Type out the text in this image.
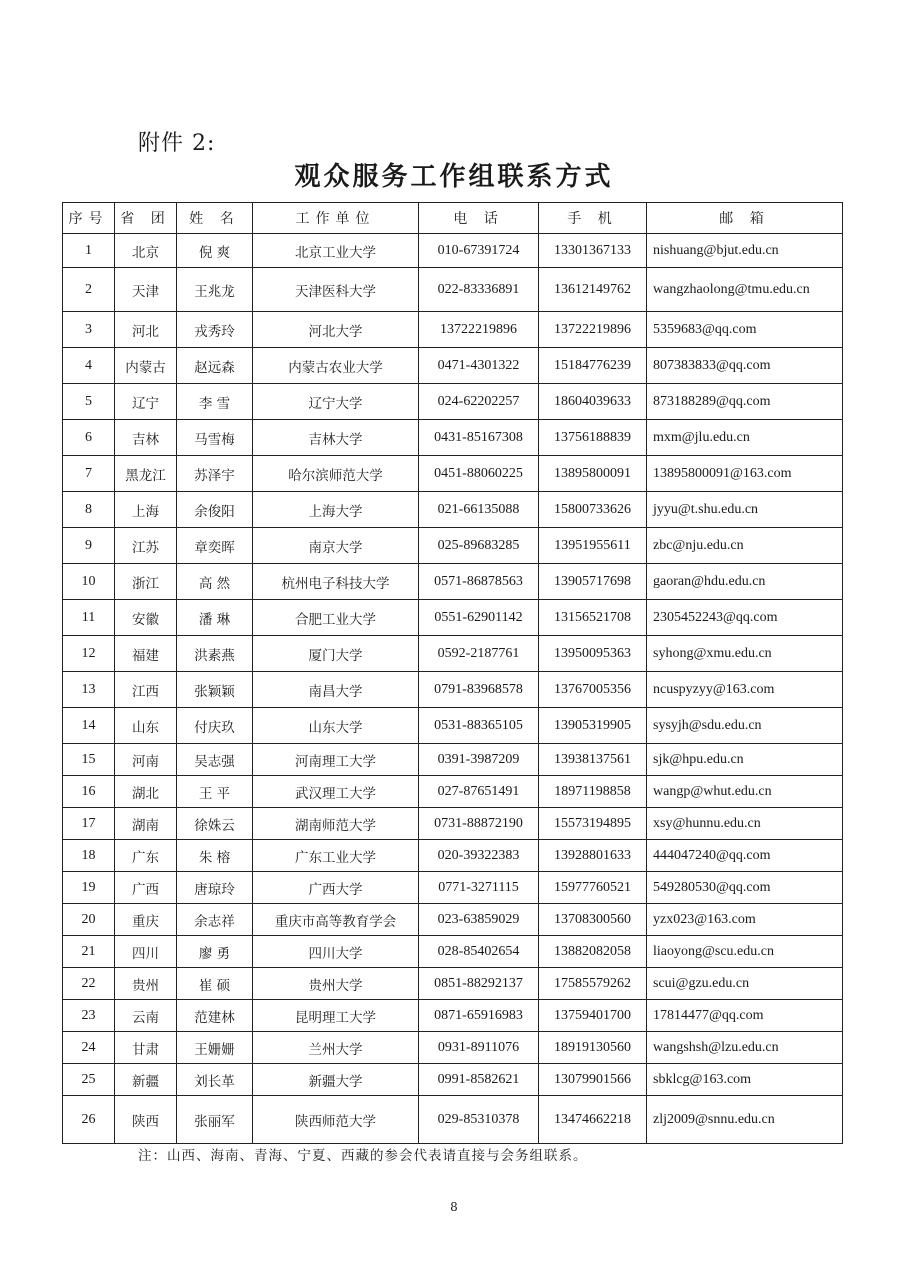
附件 2:
观众服务工作组联系方式
序号	省 团	姓 名	工作单位	电 话	手 机	邮 箱
1	北京	倪 爽	北京工业大学	010-67391724	13301367133	nishuang@bjut.edu.cn
2	天津	王兆龙	天津医科大学	022-83336891	13612149762	wangzhaolong@tmu.edu.cn
3	河北	戎秀玲	河北大学	13722219896	13722219896	5359683@qq.com
4	内蒙古	赵远森	内蒙古农业大学	0471-4301322	15184776239	807383833@qq.com
5	辽宁	李 雪	辽宁大学	024-62202257	18604039633	873188289@qq.com
6	吉林	马雪梅	吉林大学	0431-85167308	13756188839	mxm@jlu.edu.cn
7	黑龙江	苏泽宇	哈尔滨师范大学	0451-88060225	13895800091	13895800091@163.com
8	上海	余俊阳	上海大学	021-66135088	15800733626	jyyu@t.shu.edu.cn
9	江苏	章奕晖	南京大学	025-89683285	13951955611	zbc@nju.edu.cn
10	浙江	高 然	杭州电子科技大学	0571-86878563	13905717698	gaoran@hdu.edu.cn
11	安徽	潘 琳	合肥工业大学	0551-62901142	13156521708	2305452243@qq.com
12	福建	洪素燕	厦门大学	0592-2187761	13950095363	syhong@xmu.edu.cn
13	江西	张颖颖	南昌大学	0791-83968578	13767005356	ncuspyzyy@163.com
14	山东	付庆玖	山东大学	0531-88365105	13905319905	sysyjh@sdu.edu.cn
15	河南	吴志强	河南理工大学	0391-3987209	13938137561	sjk@hpu.edu.cn
16	湖北	王 平	武汉理工大学	027-87651491	18971198858	wangp@whut.edu.cn
17	湖南	徐姝云	湖南师范大学	0731-88872190	15573194895	xsy@hunnu.edu.cn
18	广东	朱 榕	广东工业大学	020-39322383	13928801633	444047240@qq.com
19	广西	唐琼玲	广西大学	0771-3271115	15977760521	549280530@qq.com
20	重庆	余志祥	重庆市高等教育学会	023-63859029	13708300560	yzx023@163.com
21	四川	廖 勇	四川大学	028-85402654	13882082058	liaoyong@scu.edu.cn
22	贵州	崔 硕	贵州大学	0851-88292137	17585579262	scui@gzu.edu.cn
23	云南	范建林	昆明理工大学	0871-65916983	13759401700	17814477@qq.com
24	甘肃	王姗姗	兰州大学	0931-8911076	18919130560	wangshsh@lzu.edu.cn
25	新疆	刘长革	新疆大学	0991-8582621	13079901566	sbklcg@163.com
26	陕西	张丽军	陕西师范大学	029-85310378	13474662218	zlj2009@snnu.edu.cn
注：山西、海南、青海、宁夏、西藏的参会代表请直接与会务组联系。
8
